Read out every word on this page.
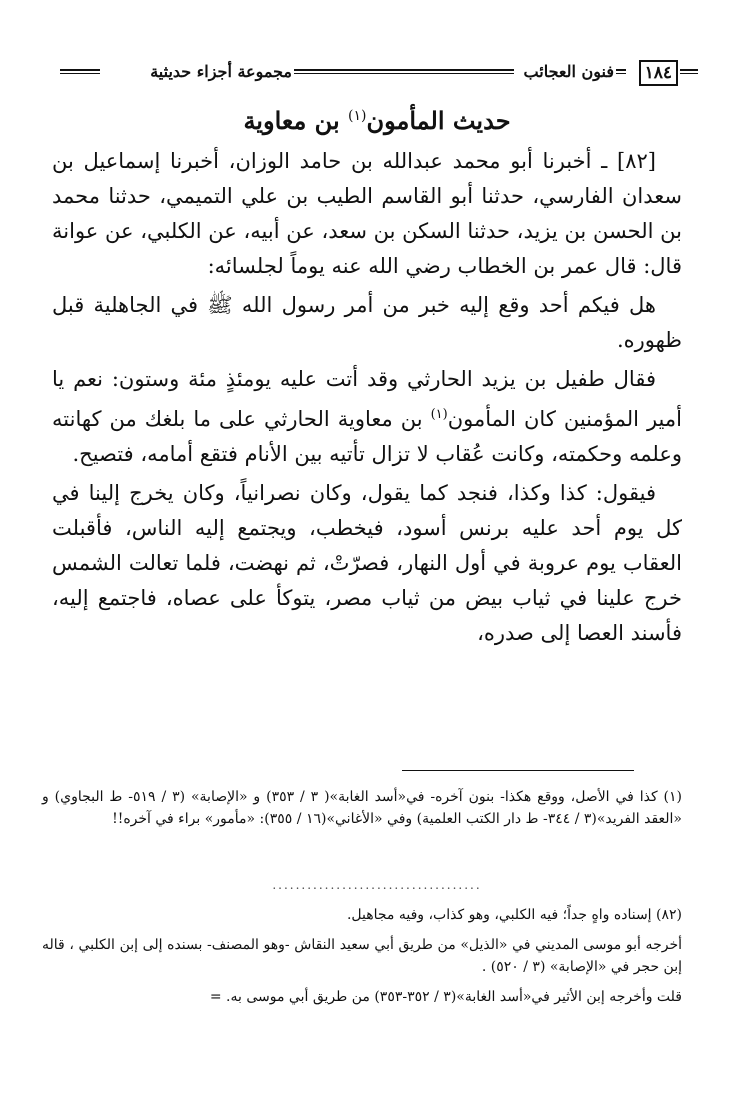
١٨٤
فنون العجائب
مجموعة أجزاء حديثية
حديث المأمون$^{(١)}$ بن معاوية

[٨٢] ـ أخبرنا أبو محمد عبدالله بن حامد الوزان، أخبرنا إسماعيل بن سعدان الفارسي، حدثنا أبو القاسم الطيب بن علي التميمي، حدثنا محمد بن الحسن بن يزيد، حدثنا السكن بن سعد، عن أبيه، عن الكلبي، عن عوانة قال: قال عمر بن الخطاب رضي الله عنه يوماً لجلسائه:

هل فيكم أحد وقع إليه خبر من أمر رسول الله ﷺ في الجاهلية قبل ظهوره.

فقال طفيل بن يزيد الحارثي وقد أتت عليه يومئذٍ مئة وستون: نعم يا أمير المؤمنين كان المأمون$^{(١)}$ بن معاوية الحارثي على ما بلغك من كهانته وعلمه وحكمته، وكانت عُقاب لا تزال تأتيه بين الأنام فتقع أمامه، فتصيح.

فيقول: كذا وكذا، فنجد كما يقول، وكان نصرانياً، وكان يخرج إلينا في كل يوم أحد عليه برنس أسود، فيخطب، ويجتمع إليه الناس، فأقبلت العقاب يوم عروبة في أول النهار، فصرّتْ، ثم نهضت، فلما تعالت الشمس خرج علينا في ثياب بيض من ثياب مصر، يتوكأ على عصاه، فاجتمع إليه، فأسند العصا إلى صدره،

(١) كذا في الأصل، ووقع هكذا- بنون آخره- في«أسد الغابة»( ٣ / ٣٥٣) و «الإصابة» (٣ / ٥١٩- ط البجاوي) و «العقد الفريد»(٣ / ٣٤٤- ط دار الكتب العلمية) وفي «الأغاني»(١٦ / ٣٥٥): «مأمور» براء في آخره!!

....................................

(٨٢) إسناده واهٍ جداً؛ فيه الكلبي، وهو كذاب، وفيه مجاهيل.

أخرجه أبو موسى المديني في «الذيل» من طريق أبي سعيد النقاش -وهو المصنف- بسنده إلى إبن الكلبي ، قاله إبن حجر في «الإصابة» (٣ / ٥٢٠) .

قلت وأخرجه إبن الأثير في«أسد الغابة»(٣ / ٣٥٢-٣٥٣) من طريق أبي موسى به. =
